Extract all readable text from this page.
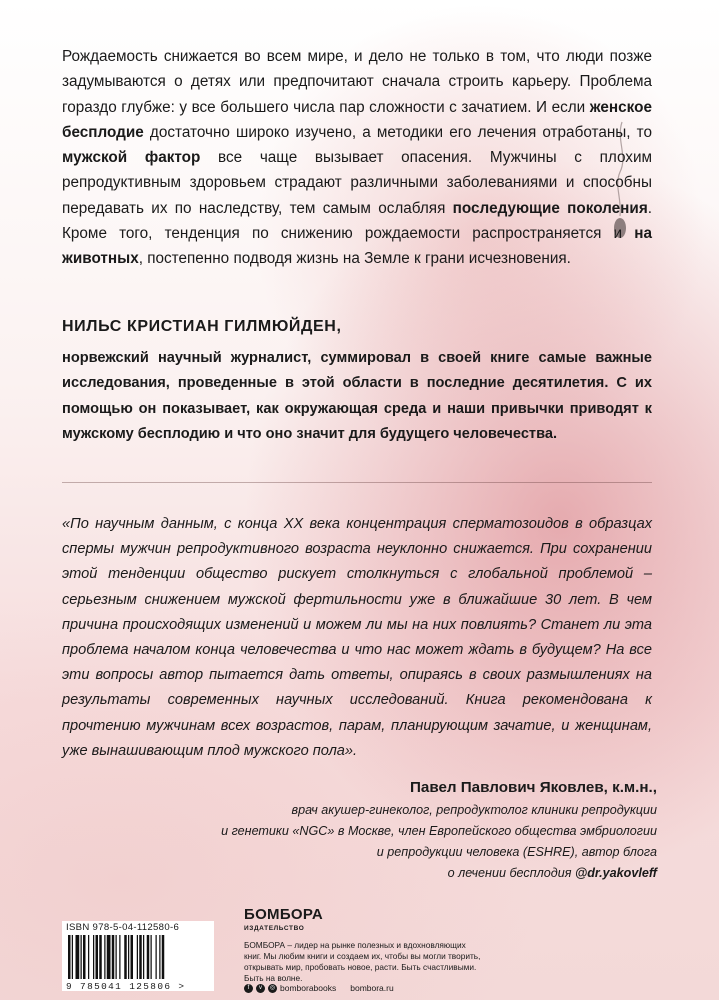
Рождаемость снижается во всем мире, и дело не только в том, что люди позже задумываются о детях или предпочитают сначала строить карьеру. Проблема гораздо глубже: у все большего числа пар сложности с зачатием. И если женское бесплодие достаточно широко изучено, а методики его лечения отработаны, то мужской фактор все чаще вызывает опасения. Мужчины с плохим репродуктивным здоровьем страдают различными заболеваниями и способны передавать их по наследству, тем самым ослабляя последующие поколения. Кроме того, тенденция по снижению рождаемости распространяется и на животных, постепенно подводя жизнь на Земле к грани исчезновения.

НИЛЬС КРИСТИАН ГИЛМЮЙДЕН,

норвежский научный журналист, суммировал в своей книге самые важные исследования, проведенные в этой области в последние десятилетия. С их помощью он показывает, как окружающая среда и наши привычки приводят к мужскому бесплодию и что оно значит для будущего человечества.

«По научным данным, с конца XX века концентрация сперматозоидов в образцах спермы мужчин репродуктивного возраста неуклонно снижается. При сохранении этой тенденции общество рискует столкнуться с глобальной проблемой – серьезным снижением мужской фертильности уже в ближайшие 30 лет. В чем причина происходящих изменений и можем ли мы на них повлиять? Станет ли эта проблема началом конца человечества и что нас может ждать в будущем? На все эти вопросы автор пытается дать ответы, опираясь в своих размышлениях на результаты современных научных исследований. Книга рекомендована к прочтению мужчинам всех возрастов, парам, планирующим зачатие, и женщинам, уже вынашивающим плод мужского пола».

Павел Павлович Яковлев, к.м.н.,

врач акушер-гинеколог, репродуктолог клиники репродукции
и генетики «NGC» в Москве, член Европейского общества эмбриологии
и репродукции человека (ESHRE), автор блога
о лечении бесплодия @dr.yakovleff

ISBN 978-5-04-112580-6
9 785041 125806 >
БОМБОРА
ИЗДАТЕЛЬСТВО

БОМБОРА – лидер на рынке полезных и вдохновляющих книг. Мы любим книги и создаем их, чтобы вы могли творить, открывать мир, пробовать новое, расти. Быть счастливыми. Быть на волне.

f	v	◎ bomborabooks bombora.ru
